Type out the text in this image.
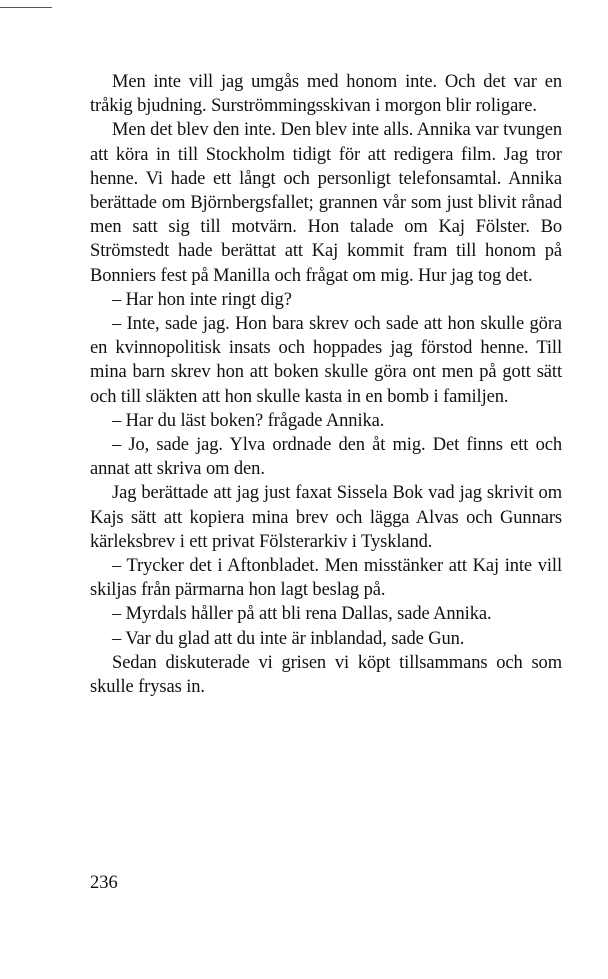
Men inte vill jag umgås med honom inte. Och det var en tråkig bjudning. Surströmmingsskivan i morgon blir roligare.

Men det blev den inte. Den blev inte alls. Annika var tvungen att köra in till Stockholm tidigt för att redigera film. Jag tror henne. Vi hade ett långt och personligt telefonsamtal. Annika berättade om Björnbergsfallet; grannen vår som just blivit rånad men satt sig till motvärn. Hon talade om Kaj Fölster. Bo Strömstedt hade berättat att Kaj kommit fram till honom på Bonniers fest på Manilla och frågat om mig. Hur jag tog det.

– Har hon inte ringt dig?

– Inte, sade jag. Hon bara skrev och sade att hon skulle göra en kvinnopolitisk insats och hoppades jag förstod henne. Till mina barn skrev hon att boken skulle göra ont men på gott sätt och till släkten att hon skulle kasta in en bomb i familjen.

– Har du läst boken? frågade Annika.

– Jo, sade jag. Ylva ordnade den åt mig. Det finns ett och annat att skriva om den.

Jag berättade att jag just faxat Sissela Bok vad jag skrivit om Kajs sätt att kopiera mina brev och lägga Alvas och Gunnars kärleksbrev i ett privat Fölsterarkiv i Tyskland.

– Trycker det i Aftonbladet. Men misstänker att Kaj inte vill skiljas från pärmarna hon lagt beslag på.

– Myrdals håller på att bli rena Dallas, sade Annika.

– Var du glad att du inte är inblandad, sade Gun.

Sedan diskuterade vi grisen vi köpt tillsammans och som skulle frysas in.

236
